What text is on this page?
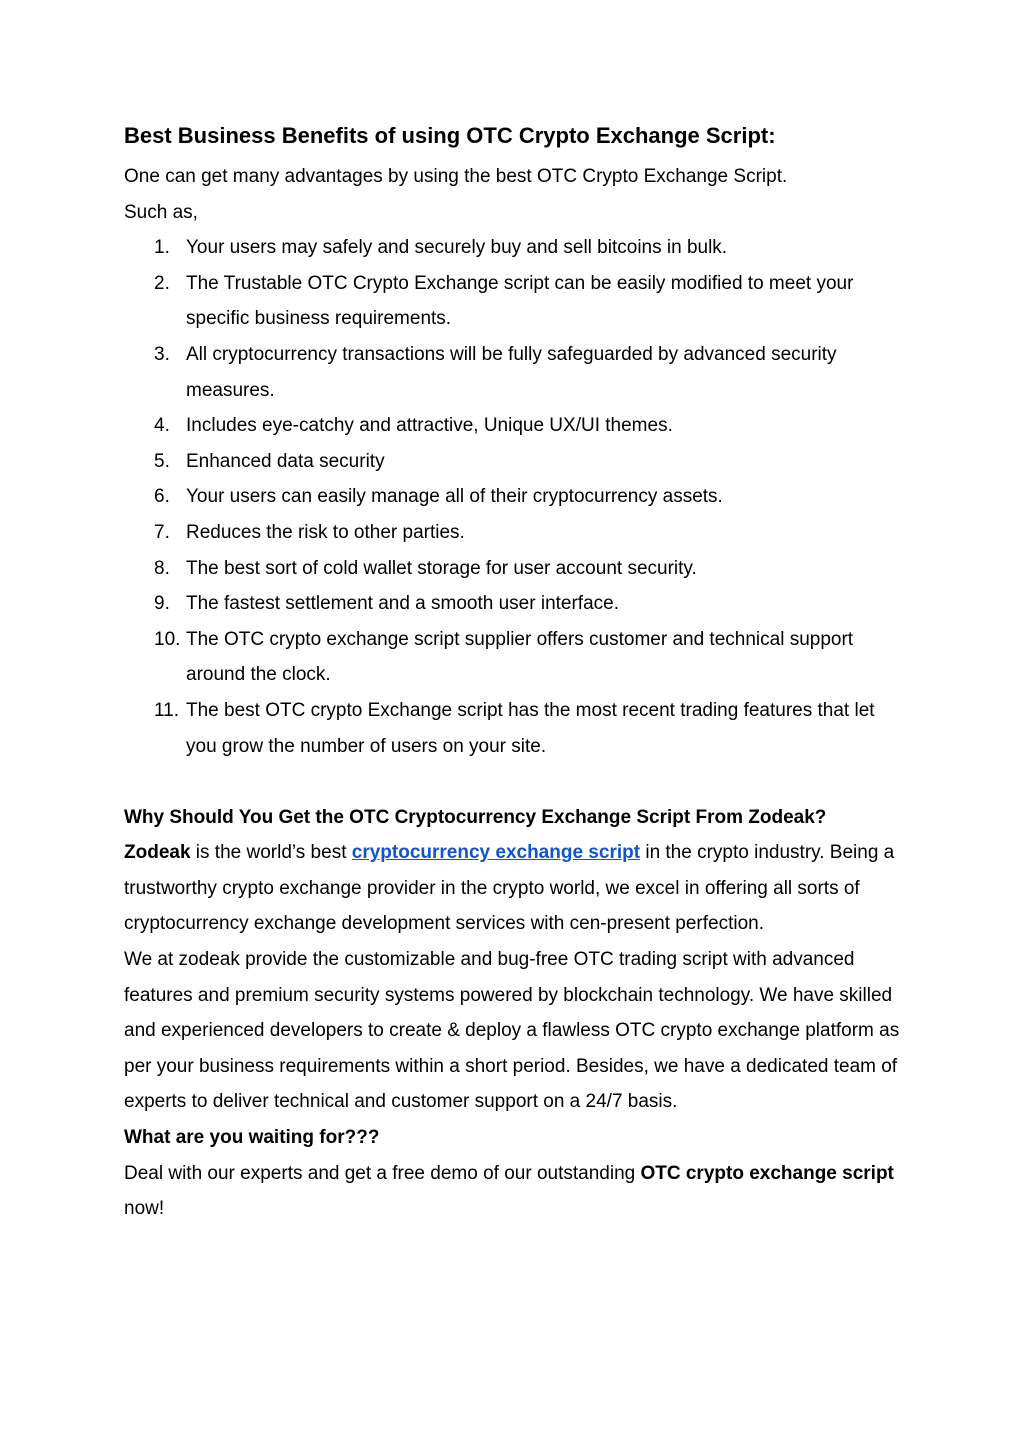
Best Business Benefits of using OTC Crypto Exchange Script:

One can get many advantages by using the best OTC Crypto Exchange Script.

Such as,

1. Your users may safely and securely buy and sell bitcoins in bulk.
2. The Trustable OTC Crypto Exchange script can be easily modified to meet your specific business requirements.
3. All cryptocurrency transactions will be fully safeguarded by advanced security measures.
4. Includes eye-catchy and attractive, Unique UX/UI themes.
5. Enhanced data security
6. Your users can easily manage all of their cryptocurrency assets.
7. Reduces the risk to other parties.
8. The best sort of cold wallet storage for user account security.
9. The fastest settlement and a smooth user interface.
10. The OTC crypto exchange script supplier offers customer and technical support around the clock.
11. The best OTC crypto Exchange script has the most recent trading features that let you grow the number of users on your site.

Why Should You Get the OTC Cryptocurrency Exchange Script From Zodeak?

Zodeak is the world’s best cryptocurrency exchange script in the crypto industry. Being a trustworthy crypto exchange provider in the crypto world, we excel in offering all sorts of cryptocurrency exchange development services with cen-present perfection.

We at zodeak provide the customizable and bug-free OTC trading script with advanced features and premium security systems powered by blockchain technology. We have skilled and experienced developers to create & deploy a flawless OTC crypto exchange platform as per your business requirements within a short period. Besides, we have a dedicated team of experts to deliver technical and customer support on a 24/7 basis.

What are you waiting for???

Deal with our experts and get a free demo of our outstanding OTC crypto exchange script now!
